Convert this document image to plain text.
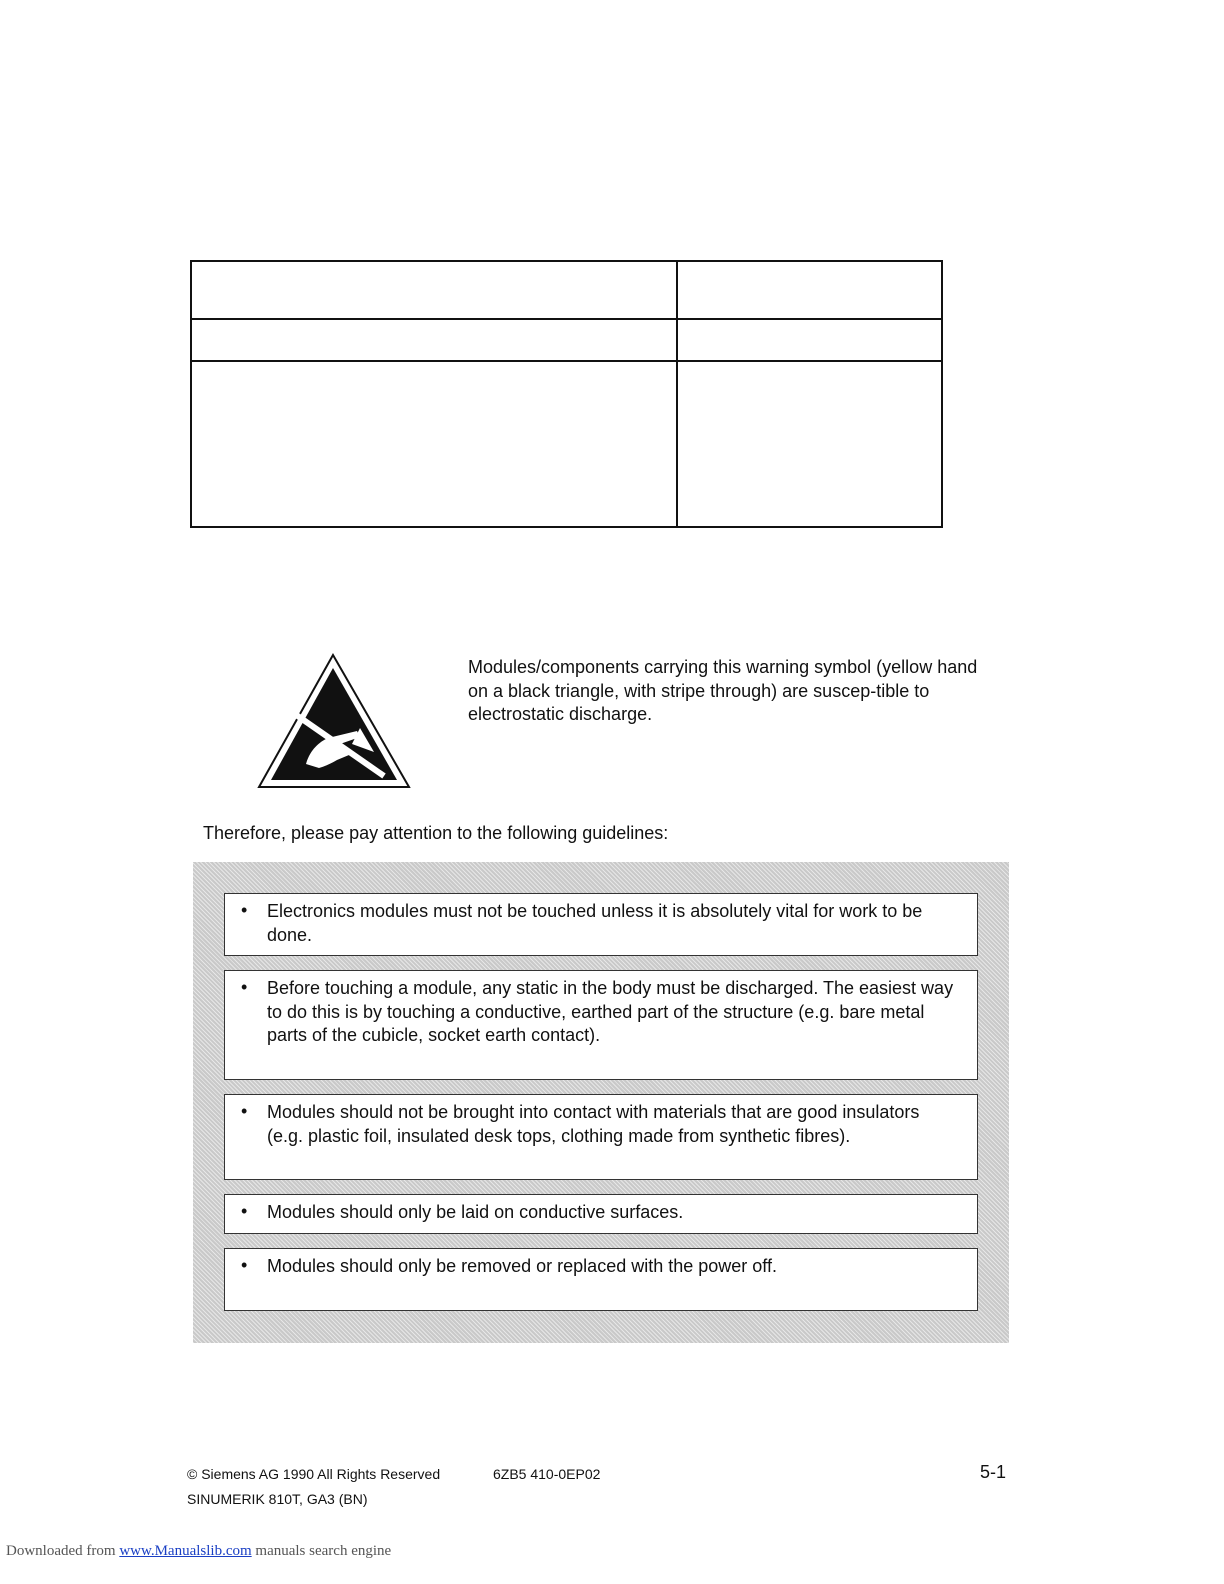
Modules/components carrying this warning symbol (yellow hand on a black triangle, with stripe through) are suscep-tible to electrostatic discharge.
Therefore, please pay attention to the following guidelines:
• Electronics modules must not be touched unless it is absolutely vital for work to be done.
• Before touching a module, any static in the body must be discharged. The easiest way to do this is by touching a conductive, earthed part of the structure (e.g. bare metal parts of the cubicle, socket earth contact).
• Modules should not be brought into contact with materials that are good insulators (e.g. plastic foil, insulated desk tops, clothing made from synthetic fibres).
• Modules should only be laid on conductive surfaces.
• Modules should only be removed or replaced with the power off.
© Siemens AG 1990 All Rights Reserved	6ZB5 410-0EP02	5-1
SINUMERIK 810T, GA3 (BN)
Downloaded from www.Manualslib.com manuals search engine
